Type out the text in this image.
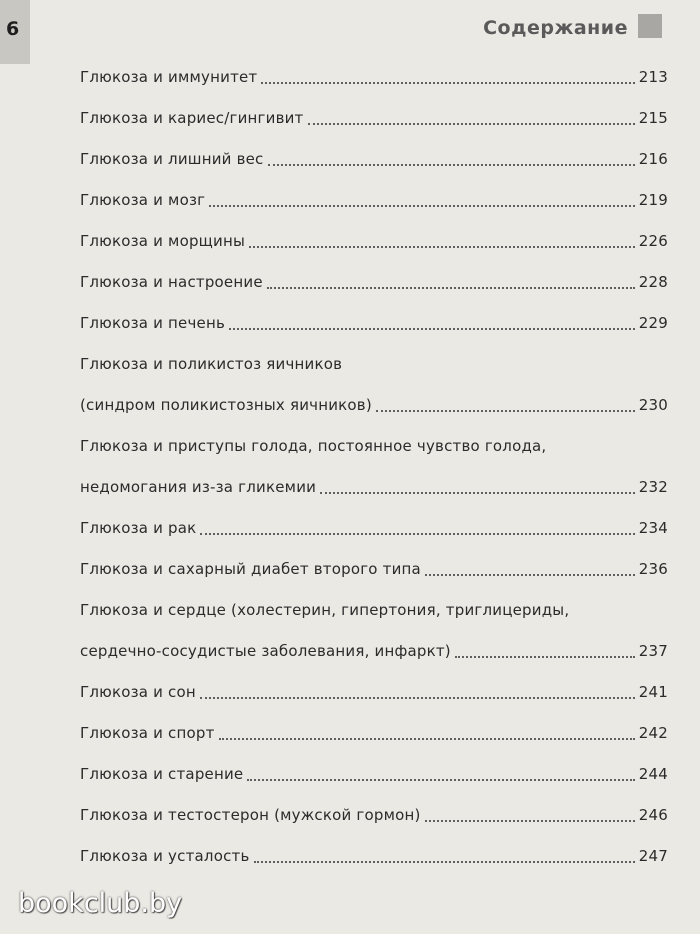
6	Содержание
Глюкоза и иммунитет	213
Глюкоза и кариес/гингивит	215
Глюкоза и лишний вес	216
Глюкоза и мозг	219
Глюкоза и морщины	226
Глюкоза и настроение	228
Глюкоза и печень	229
Глюкоза и поликистоз яичников
(синдром поликистозных яичников)	230
Глюкоза и приступы голода, постоянное чувство голода,
недомогания из-за гликемии	232
Глюкоза и рак	234
Глюкоза и сахарный диабет второго типа	236
Глюкоза и сердце (холестерин, гипертония, триглицериды,
сердечно-сосудистые заболевания, инфаркт)	237
Глюкоза и сон	241
Глюкоза и спорт	242
Глюкоза и старение	244
Глюкоза и тестостерон (мужской гормон)	246
Глюкоза и усталость	247
bookclub.by
